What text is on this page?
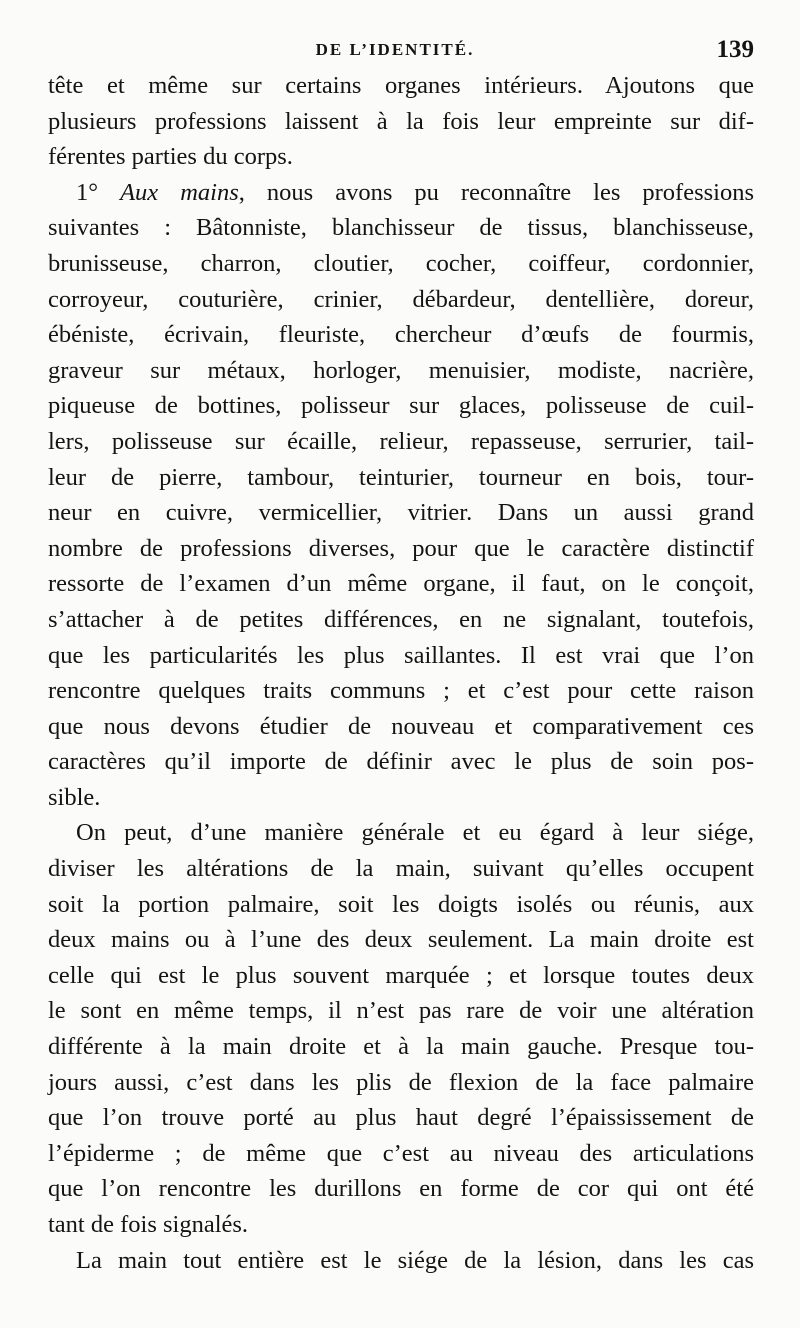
DE L’IDENTITÉ.	139
tête et même sur certains organes intérieurs. Ajoutons que
plusieurs professions laissent à la fois leur empreinte sur dif-
férentes parties du corps.
1° Aux mains, nous avons pu reconnaître les professions
suivantes : Bâtonniste, blanchisseur de tissus, blanchisseuse,
brunisseuse, charron, cloutier, cocher, coiffeur, cordonnier,
corroyeur, couturière, crinier, débardeur, dentellière, doreur,
ébéniste, écrivain, fleuriste, chercheur d’œufs de fourmis,
graveur sur métaux, horloger, menuisier, modiste, nacrière,
piqueuse de bottines, polisseur sur glaces, polisseuse de cuil-
lers, polisseuse sur écaille, relieur, repasseuse, serrurier, tail-
leur de pierre, tambour, teinturier, tourneur en bois, tour-
neur en cuivre, vermicellier, vitrier. Dans un aussi grand
nombre de professions diverses, pour que le caractère distinctif
ressorte de l’examen d’un même organe, il faut, on le conçoit,
s’attacher à de petites différences, en ne signalant, toutefois,
que les particularités les plus saillantes. Il est vrai que l’on
rencontre quelques traits communs ; et c’est pour cette raison
que nous devons étudier de nouveau et comparativement ces
caractères qu’il importe de définir avec le plus de soin pos-
sible.
On peut, d’une manière générale et eu égard à leur siége,
diviser les altérations de la main, suivant qu’elles occupent
soit la portion palmaire, soit les doigts isolés ou réunis, aux
deux mains ou à l’une des deux seulement. La main droite est
celle qui est le plus souvent marquée ; et lorsque toutes deux
le sont en même temps, il n’est pas rare de voir une altération
différente à la main droite et à la main gauche. Presque tou-
jours aussi, c’est dans les plis de flexion de la face palmaire
que l’on trouve porté au plus haut degré l’épaississement de
l’épiderme ; de même que c’est au niveau des articulations
que l’on rencontre les durillons en forme de cor qui ont été
tant de fois signalés.
La main tout entière est le siége de la lésion, dans les cas
